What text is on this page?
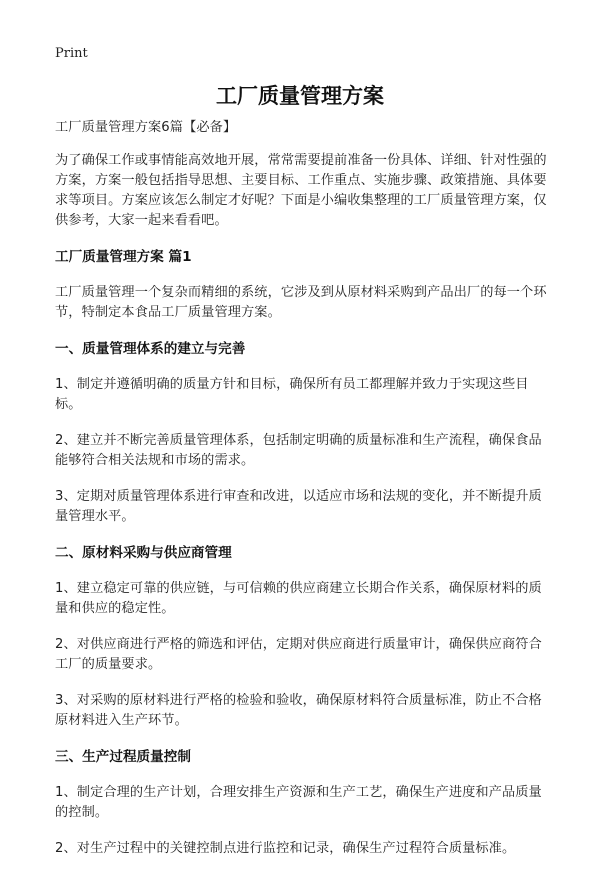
Print
工厂质量管理方案

工厂质量管理方案6篇【必备】

为了确保工作或事情能高效地开展，常常需要提前准备一份具体、详细、针对性强的方案，方案一般包括指导思想、主要目标、工作重点、实施步骤、政策措施、具体要求等项目。方案应该怎么制定才好呢？下面是小编收集整理的工厂质量管理方案，仅供参考，大家一起来看看吧。

工厂质量管理方案 篇1

工厂质量管理一个复杂而精细的系统，它涉及到从原材料采购到产品出厂的每一个环节，特制定本食品工厂质量管理方案。

一、质量管理体系的建立与完善

1、制定并遵循明确的质量方针和目标，确保所有员工都理解并致力于实现这些目标。

2、建立并不断完善质量管理体系，包括制定明确的质量标准和生产流程，确保食品能够符合相关法规和市场的需求。

3、定期对质量管理体系进行审查和改进，以适应市场和法规的变化，并不断提升质量管理水平。

二、原材料采购与供应商管理

1、建立稳定可靠的供应链，与可信赖的供应商建立长期合作关系，确保原材料的质量和供应的稳定性。

2、对供应商进行严格的筛选和评估，定期对供应商进行质量审计，确保供应商符合工厂的质量要求。

3、对采购的原材料进行严格的检验和验收，确保原材料符合质量标准，防止不合格原材料进入生产环节。

三、生产过程质量控制

1、制定合理的生产计划，合理安排生产资源和生产工艺，确保生产进度和产品质量的控制。

2、对生产过程中的关键控制点进行监控和记录，确保生产过程符合质量标准。
